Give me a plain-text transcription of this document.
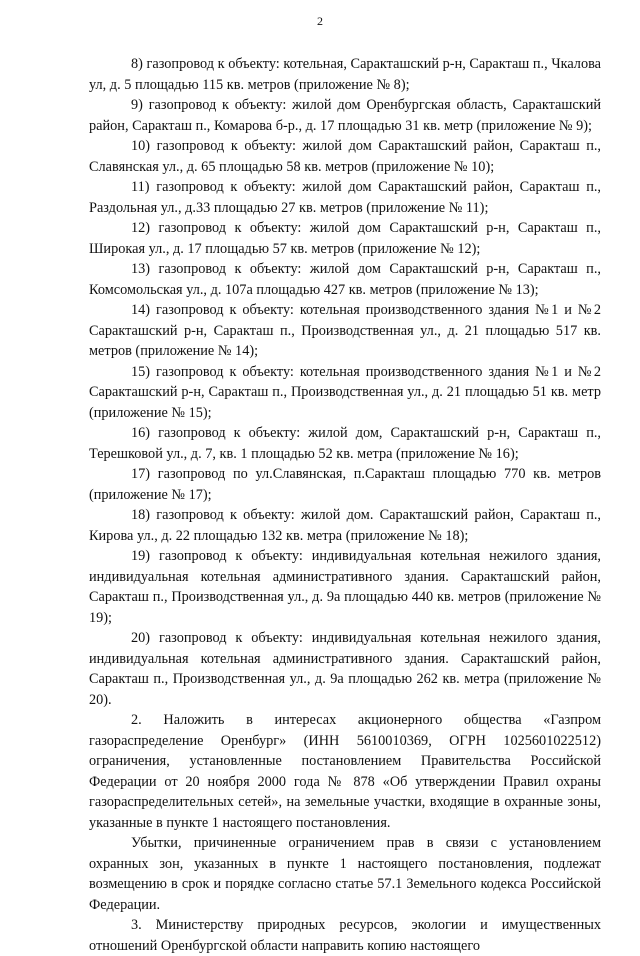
2

8) газопровод к объекту: котельная, Саракташский р-н, Саракташ п., Чкалова ул, д. 5 площадью 115 кв. метров (приложение № 8);

9) газопровод к объекту: жилой дом Оренбургская область, Саракташский район, Саракташ п., Комарова б-р., д. 17 площадью 31 кв. метр (приложение № 9);

10) газопровод к объекту: жилой дом Саракташский район, Саракташ п., Славянская ул., д. 65 площадью 58 кв. метров (приложение № 10);

11) газопровод к объекту: жилой дом Саракташский район, Саракташ п., Раздольная ул., д.33 площадью 27 кв. метров (приложение № 11);

12) газопровод к объекту: жилой дом Саракташский р-н, Саракташ п., Широкая ул., д. 17 площадью 57 кв. метров (приложение № 12);

13) газопровод к объекту: жилой дом Саракташский р-н, Саракташ п., Комсомольская ул., д. 107а площадью 427 кв. метров (приложение № 13);

14) газопровод к объекту: котельная производственного здания №1 и №2 Саракташский р-н, Саракташ п., Производственная ул., д. 21 площадью 517 кв. метров (приложение № 14);

15) газопровод к объекту: котельная производственного здания №1 и №2 Саракташский р-н, Саракташ п., Производственная ул., д. 21 площадью 51 кв. метр (приложение № 15);

16) газопровод к объекту: жилой дом, Саракташский р-н, Саракташ п., Терешковой ул., д. 7, кв. 1 площадью 52 кв. метра (приложение № 16);

17) газопровод по ул.Славянская, п.Саракташ площадью 770 кв. метров (приложение № 17);

18) газопровод к объекту: жилой дом. Саракташский район, Саракташ п., Кирова ул., д. 22 площадью 132 кв. метра (приложение № 18);

19) газопровод к объекту: индивидуальная котельная нежилого здания, индивидуальная котельная административного здания. Саракташский район, Саракташ п., Производственная ул., д. 9а площадью 440 кв. метров (приложение № 19);

20) газопровод к объекту: индивидуальная котельная нежилого здания, индивидуальная котельная административного здания. Саракташский район, Саракташ п., Производственная ул., д. 9а площадью 262 кв. метра (приложение № 20).

2. Наложить в интересах акционерного общества «Газпром газораспределение Оренбург» (ИНН 5610010369, ОГРН 1025601022512) ограничения, установленные постановлением Правительства Российской Федерации от 20 ноября 2000 года № 878 «Об утверждении Правил охраны газораспределительных сетей», на земельные участки, входящие в охранные зоны, указанные в пункте 1 настоящего постановления.

Убытки, причиненные ограничением прав в связи с установлением охранных зон, указанных в пункте 1 настоящего постановления, подлежат возмещению в срок и порядке согласно статье 57.1 Земельного кодекса Российской Федерации.

3. Министерству природных ресурсов, экологии и имущественных отношений Оренбургской области направить копию настоящего
